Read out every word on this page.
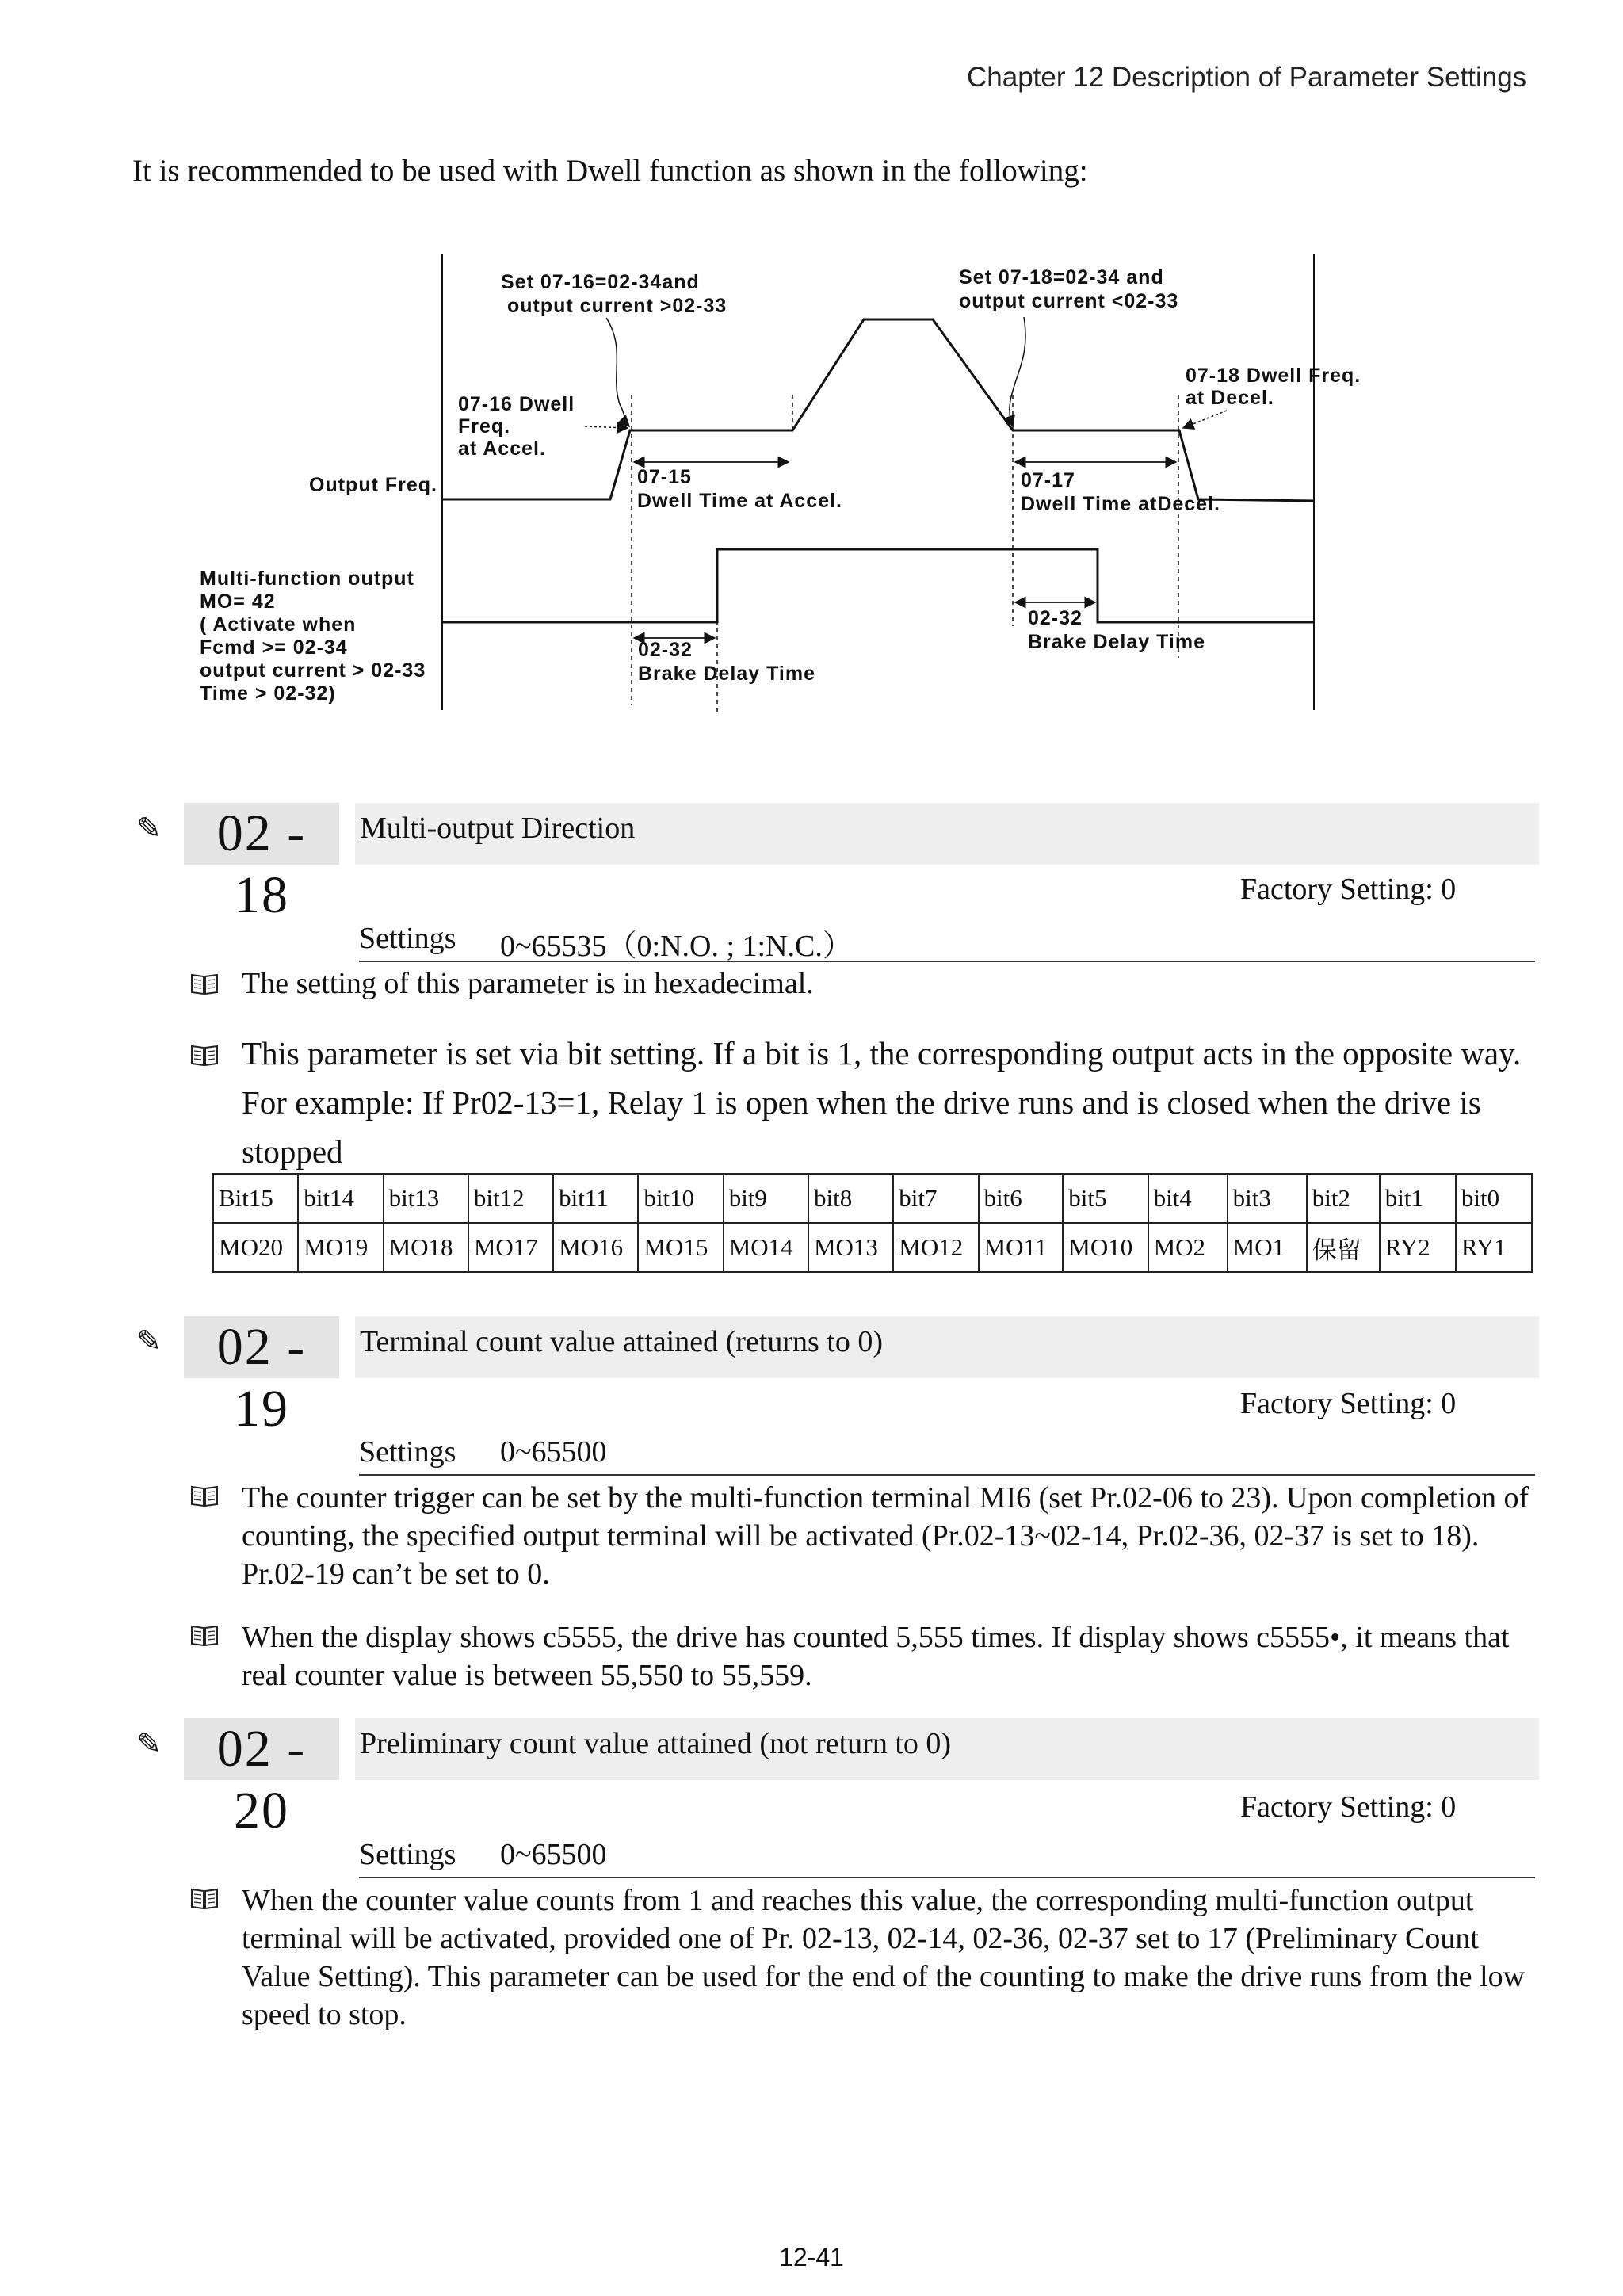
Chapter 12 Description of Parameter Settings
It is recommended to be used with Dwell function as shown in the following:
Set 07-16=02-34and
output current >02-33
Set 07-18=02-34 and
output current <02-33
07-16 Dwell
Freq.
at Accel.
07-18 Dwell Freq.
at Decel.
Output Freq.	07-15
Dwell Time at Accel.
07-17
Dwell Time atDecel.
Multi-function output
MO= 42
( Activate when
Fcmd >= 02-34
output current > 02-33
Time > 02-32)
02-32
Brake Delay Time
02-32
Brake Delay Time
✎	02 - 18
Multi-output Direction
Factory Setting: 0
Settings 0~65535（0:N.O. ; 1:N.C.）
The setting of this parameter is in hexadecimal.
This parameter is set via bit setting. If a bit is 1, the corresponding output acts in the opposite way. For example: If Pr02-13=1, Relay 1 is open when the drive runs and is closed when the drive is stopped
Bit15	bit14	bit13	bit12	bit11	bit10	bit9	bit8	bit7	bit6	bit5	bit4	bit3	bit2	bit1	bit0
MO20	MO19	MO18	MO17	MO16	MO15	MO14	MO13	MO12	MO11	MO10	MO2	MO1	保留	RY2	RY1
✎	02 - 19
Terminal count value attained (returns to 0)
Factory Setting: 0
Settings 0~65500
The counter trigger can be set by the multi-function terminal MI6 (set Pr.02-06 to 23). Upon completion of counting, the specified output terminal will be activated (Pr.02-13~02-14, Pr.02-36, 02-37 is set to 18). Pr.02-19 can’t be set to 0.
When the display shows c5555, the drive has counted 5,555 times. If display shows c5555•, it means that real counter value is between 55,550 to 55,559.
✎	02 - 20
Preliminary count value attained (not return to 0)
Factory Setting: 0
Settings 0~65500
When the counter value counts from 1 and reaches this value, the corresponding multi-function output terminal will be activated, provided one of Pr. 02-13, 02-14, 02-36, 02-37 set to 17 (Preliminary Count Value Setting). This parameter can be used for the end of the counting to make the drive runs from the low speed to stop.
12-41
